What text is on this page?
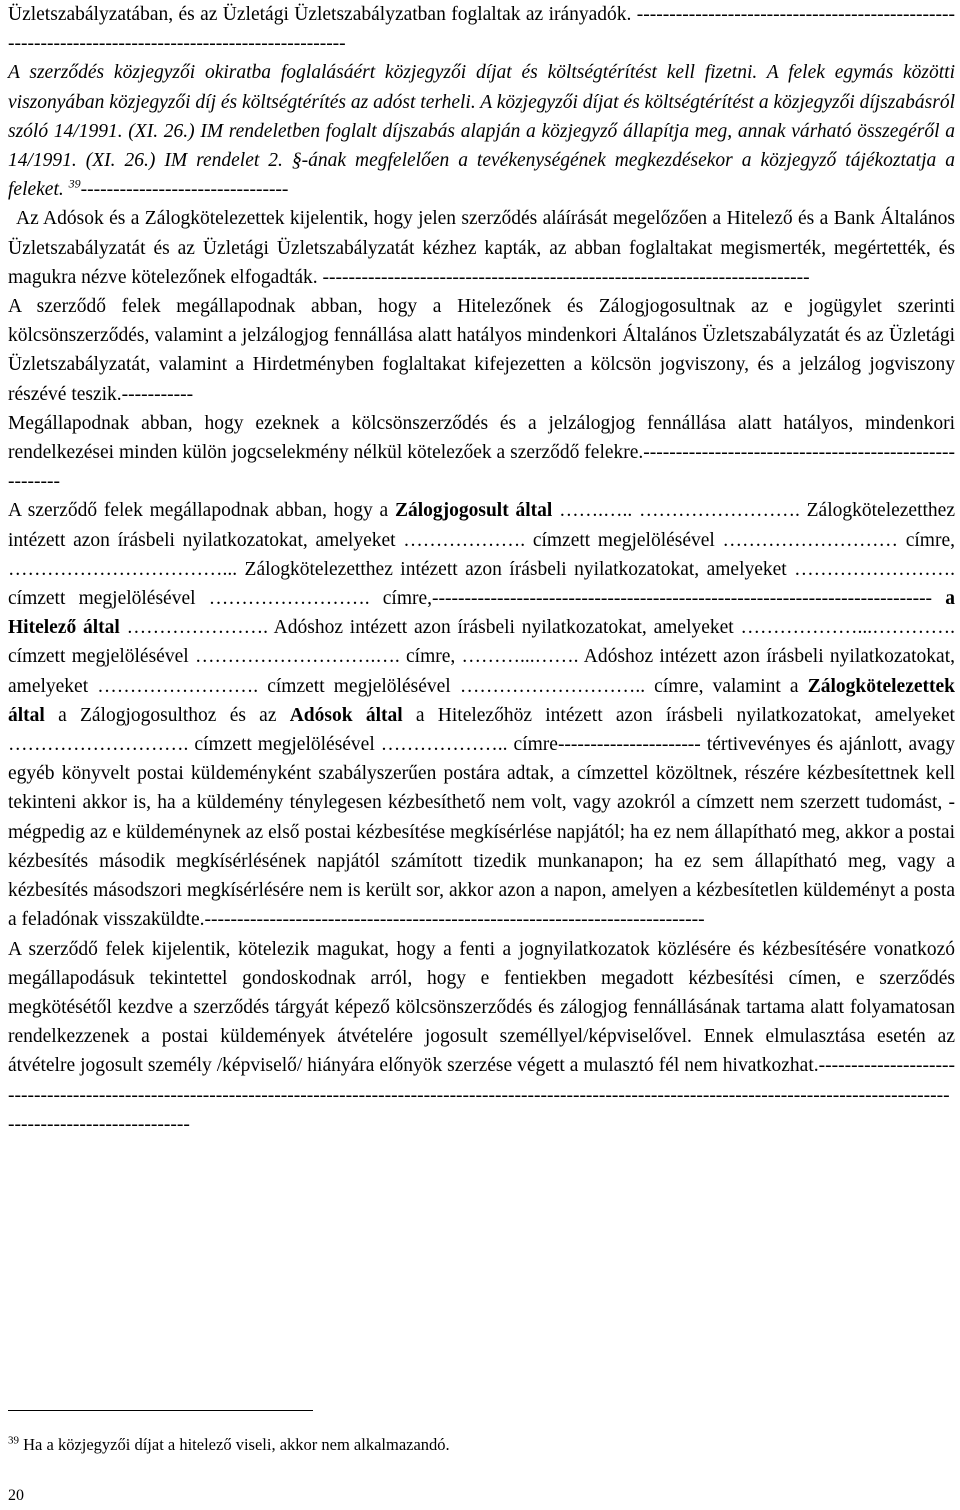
Üzletszabályzatában, és az Üzletági Üzletszabályzatban foglaltak az irányadók. -----------------------------------------------------------------------------------------------------

A szerződés közjegyzői okiratba foglalásáért közjegyzői díjat és költségtérítést kell fizetni. A felek egymás közötti viszonyában közjegyzői díj és költségtérítés az adóst terheli. A közjegyzői díjat és költségtérítést a közjegyzői díjszabásról szóló 14/1991. (XI. 26.) IM rendeletben foglalt díjszabás alapján a közjegyző állapítja meg, annak várható összegéről a 14/1991. (XI. 26.) IM rendelet 2. §-ának megfelelően a tevékenységének megkezdésekor a közjegyző tájékoztatja a feleket. $^{39}$--------------------------------

Az Adósok és a Zálogkötelezettek kijelentik, hogy jelen szerződés aláírását megelőzően a Hitelező és a Bank Általános Üzletszabályzatát és az Üzletági Üzletszabályzatát kézhez kapták, az abban foglaltakat megismerték, megértették, és magukra nézve kötelezőnek elfogadták. ---------------------------------------------------------------------------

A szerződő felek megállapodnak abban, hogy a Hitelezőnek és Zálogjogosultnak az e jogügylet szerinti kölcsönszerződés, valamint a jelzálogjog fennállása alatt hatályos mindenkori Általános Üzletszabályzatát és az Üzletági Üzletszabályzatát, valamint a Hirdetményben foglaltakat kifejezetten a kölcsön jogviszony, és a jelzálog jogviszony részévé teszik.-----------

Megállapodnak abban, hogy ezeknek a kölcsönszerződés és a jelzálogjog fennállása alatt hatályos, mindenkori rendelkezései minden külön jogcselekmény nélkül kötelezőek a szerződő felekre.--------------------------------------------------------

A szerződő felek megállapodnak abban, hogy a Zálogjogosult által …….….. ……………………. Zálogkötelezetthez intézett azon írásbeli nyilatkozatokat, amelyeket ………………. címzett megjelölésével ……………………… címre, ……………………………... Zálogkötelezetthez intézett azon írásbeli nyilatkozatokat, amelyeket ……………………. címzett megjelölésével ……………………. címre,----------------------------------------------------------------------------- a Hitelező által …………………. Adóshoz intézett azon írásbeli nyilatkozatokat, amelyeket ………………...…………. címzett megjelölésével ……………………….…. címre, ………...……. Adóshoz intézett azon írásbeli nyilatkozatokat, amelyeket ……………………. címzett megjelölésével ……………………….. címre, valamint a Zálogkötelezettek által a Zálogjogosulthoz és az Adósok által a Hitelezőhöz intézett azon írásbeli nyilatkozatokat, amelyeket ………………………. címzett megjelölésével ……………….. címre---------------------- tértivevényes és ajánlott, avagy egyéb könyvelt postai küldeményként szabályszerűen postára adtak, a címzettel közöltnek, részére kézbesítettnek kell tekinteni akkor is, ha a küldemény ténylegesen kézbesíthető nem volt, vagy azokról a címzett nem szerzett tudomást, - mégpedig az e küldeménynek az első postai kézbesítése megkísérlése napjától; ha ez nem állapítható meg, akkor a postai kézbesítés második megkísérlésének napjától számított tizedik munkanapon; ha ez sem állapítható meg, vagy a kézbesítés másodszori megkísérlésére nem is került sor, akkor azon a napon, amelyen a kézbesítetlen küldeményt a posta a feladónak visszaküldte.-----------------------------------------------------------------------------

A szerződő felek kijelentik, kötelezik magukat, hogy a fenti a jognyilatkozatok közlésére és kézbesítésére vonatkozó megállapodásuk tekintettel gondoskodnak arról, hogy e fentiekben megadott kézbesítési címen, e szerződés megkötésétől kezdve a szerződés tárgyát képező kölcsönszerződés és zálogjog fennállásának tartama alatt folyamatosan rendelkezzenek a postai küldemények átvételére jogosult személlyel/képviselővel. Ennek elmulasztása esetén az átvételre jogosult személy /képviselő/ hiányára előnyök szerzése végett a mulasztó fél nem hivatkozhat.--------------------------------------------------------------------------------------------------------------------------------------------------------------------------------------------------

$^{39}$ Ha a közjegyzői díjat a hitelező viseli, akkor nem alkalmazandó.
20
